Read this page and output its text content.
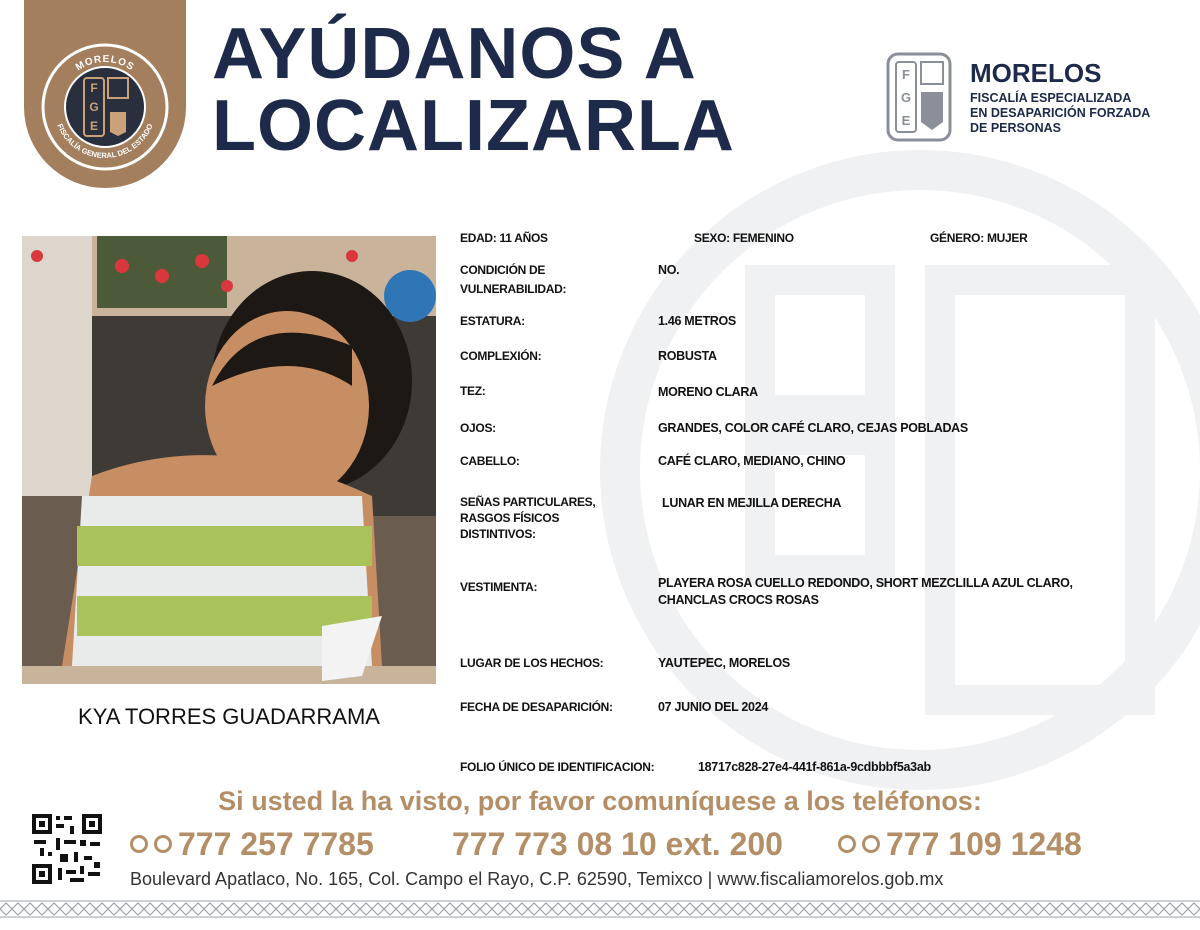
MORELOS
FISCALÍA GENERAL DEL ESTADO
F
G
E
AYÚDANOS A
LOCALIZARLA
F
G
E
MORELOS
FISCALÍA ESPECIALIZADA
EN DESAPARICIÓN FORZADA
DE PERSONAS
KYA TORRES GUADARRAMA
EDAD: 11 AÑOS	SEXO: FEMENINO	GÉNERO: MUJER
CONDICIÓN DE
VULNERABILIDAD:
NO.
ESTATURA:	1.46 METROS
COMPLEXIÓN:	ROBUSTA
TEZ:	MORENO CLARA
OJOS:	GRANDES, COLOR CAFÉ CLARO, CEJAS POBLADAS
CABELLO:	CAFÉ CLARO, MEDIANO, CHINO
SEÑAS PARTICULARES,
RASGOS FÍSICOS
DISTINTIVOS:
LUNAR EN MEJILLA DERECHA
VESTIMENTA:	PLAYERA ROSA CUELLO REDONDO, SHORT MEZCLILLA AZUL CLARO,
CHANCLAS CROCS ROSAS
LUGAR DE LOS HECHOS:	YAUTEPEC, MORELOS
FECHA DE DESAPARICIÓN:	07 JUNIO DEL 2024
FOLIO ÚNICO DE IDENTIFICACION:	18717c828-27e4-441f-861a-9cdbbbf5a3ab
Si usted la ha visto, por favor comuníquese a los teléfonos:
777 257 7785 777 773 08 10 ext. 200	777 109 1248
Boulevard Apatlaco, No. 165, Col. Campo el Rayo, C.P. 62590, Temixco | www.fiscaliamorelos.gob.mx
